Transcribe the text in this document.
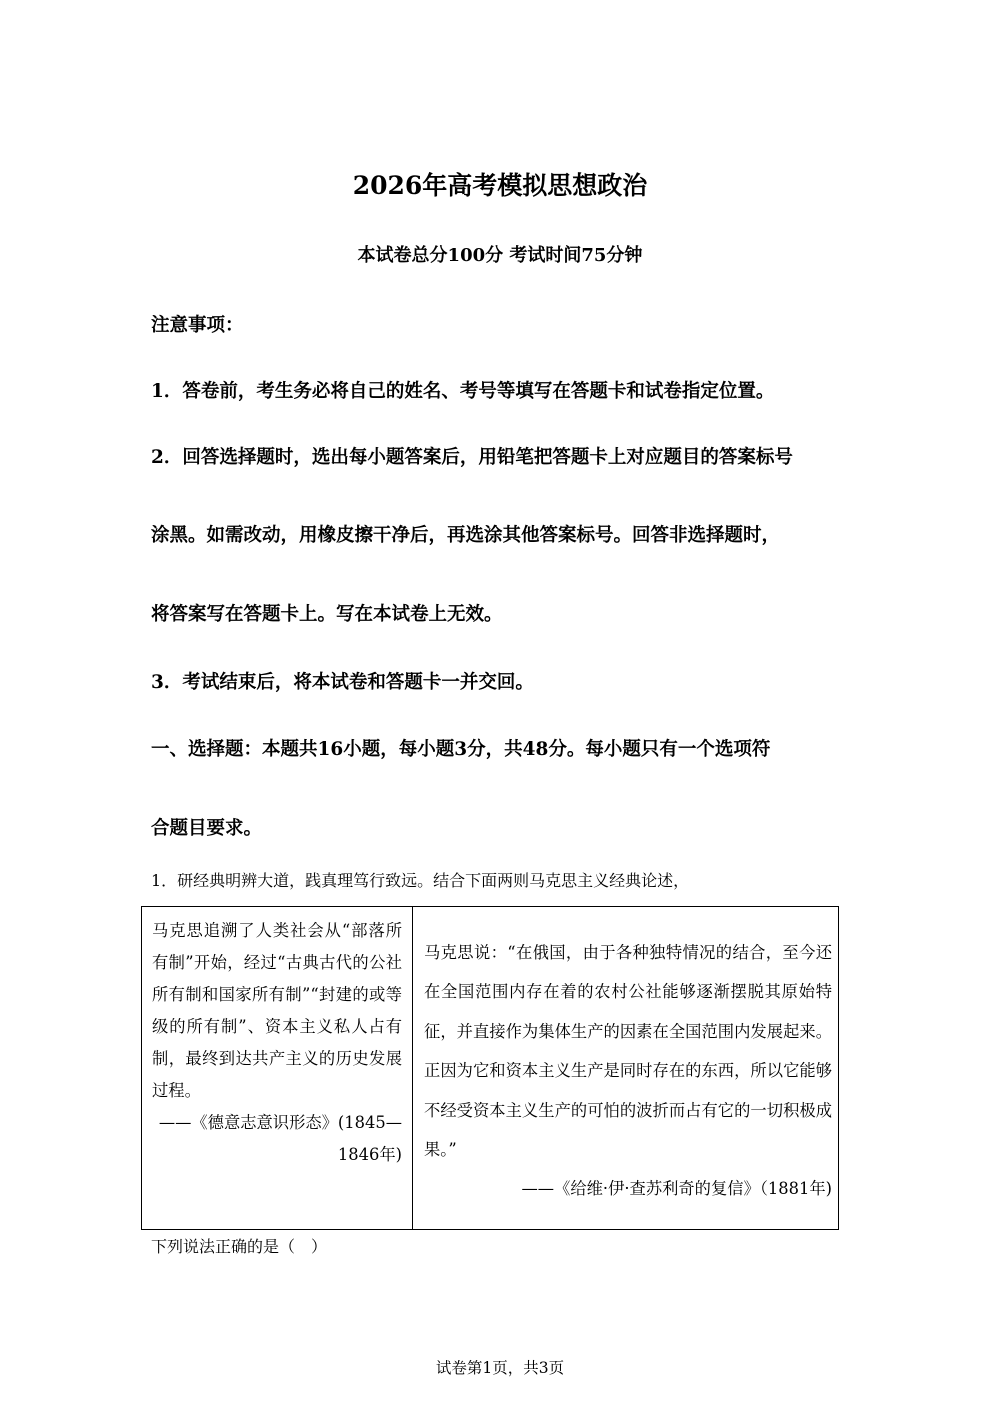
2026年高考模拟思想政治
本试卷总分100分 考试时间75分钟
注意事项：
1．答卷前，考生务必将自己的姓名、考号等填写在答题卡和试卷指定位置。
2．回答选择题时，选出每小题答案后，用铅笔把答题卡上对应题目的答案标号
涂黑。如需改动，用橡皮擦干净后，再选涂其他答案标号。回答非选择题时，
将答案写在答题卡上。写在本试卷上无效。
3．考试结束后，将本试卷和答题卡一并交回。
一、选择题：本题共16小题，每小题3分，共48分。每小题只有一个选项符
合题目要求。
1．研经典明辨大道，践真理笃行致远。结合下面两则马克思主义经典论述，
马克思追溯了人类社会从“部落所有制”开始，经过“古典古代的公社所有制和国家所有制”“封建的或等级的所有制”、资本主义私人占有制，最终到达共产主义的历史发展过程。
——《德意志意识形态》(1845—1846年)
马克思说：“在俄国，由于各种独特情况的结合，至今还在全国范围内存在着的农村公社能够逐渐摆脱其原始特征，并直接作为集体生产的因素在全国范围内发展起来。正因为它和资本主义生产是同时存在的东西，所以它能够不经受资本主义生产的可怕的波折而占有它的一切积极成果。”
——《给维·伊·查苏利奇的复信》（1881年)
下列说法正确的是（　）
试卷第1页，共3页
